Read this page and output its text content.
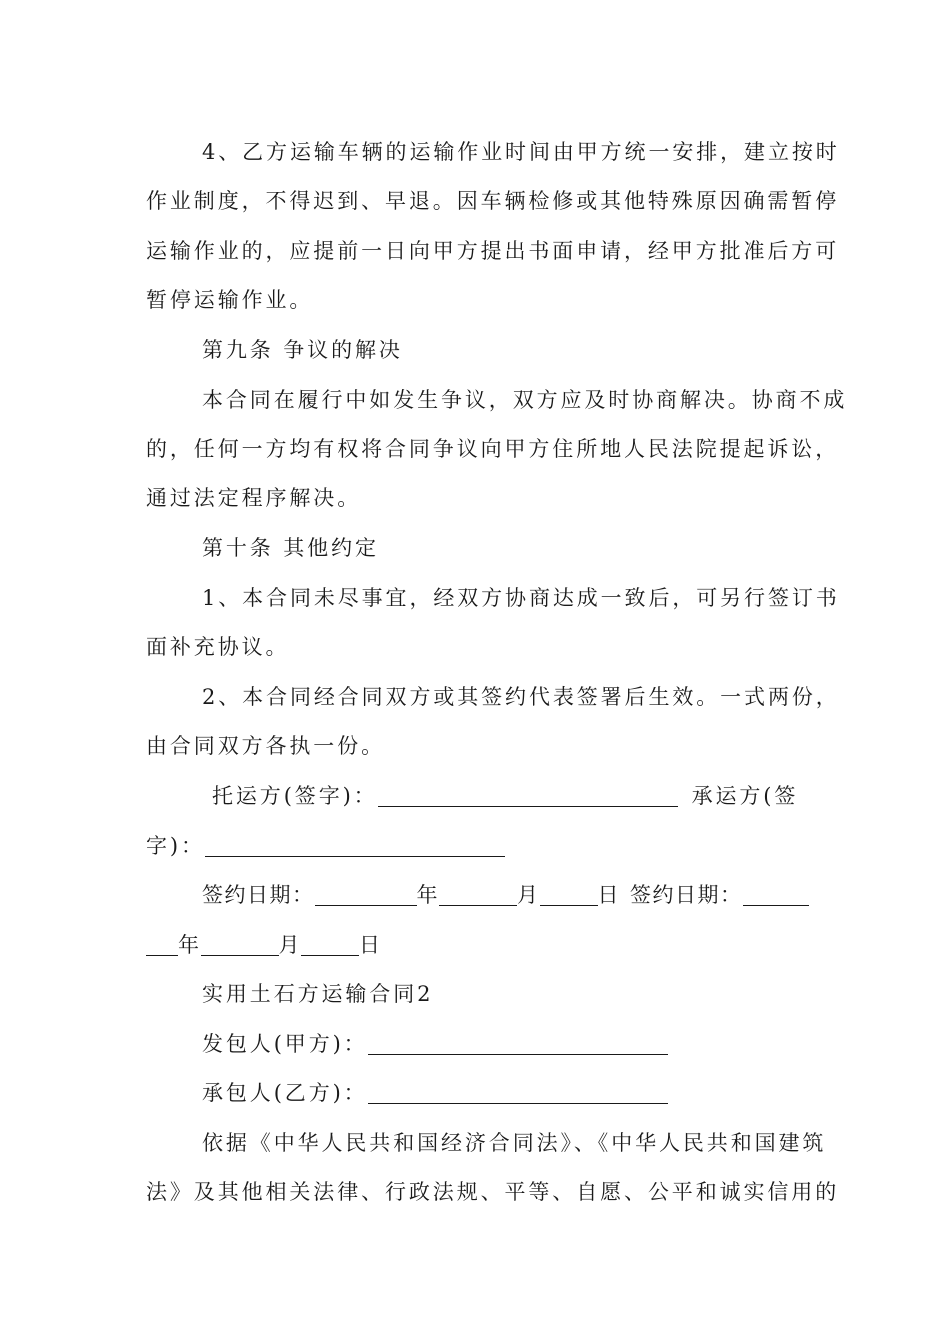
4、乙方运输车辆的运输作业时间由甲方统一安排，建立按时
作业制度，不得迟到、早退。因车辆检修或其他特殊原因确需暂停
运输作业的，应提前一日向甲方提出书面申请，经甲方批准后方可
暂停运输作业。
第九条 争议的解决
本合同在履行中如发生争议，双方应及时协商解决。协商不成
的，任何一方均有权将合同争议向甲方住所地人民法院提起诉讼，
通过法定程序解决。
第十条 其他约定
1、本合同未尽事宜，经双方协商达成一致后，可另行签订书
面补充协议。
2、本合同经合同双方或其签约代表签署后生效。一式两份，
由合同双方各执一份。
托运方(签字)：	承运方(签
字)：
签约日期：	年	月	日 签约日期：
年	月	日
实用土石方运输合同2
发包人(甲方)：
承包人(乙方)：
依据《中华人民共和国经济合同法》、《中华人民共和国建筑
法》及其他相关法律、行政法规、平等、自愿、公平和诚实信用的
